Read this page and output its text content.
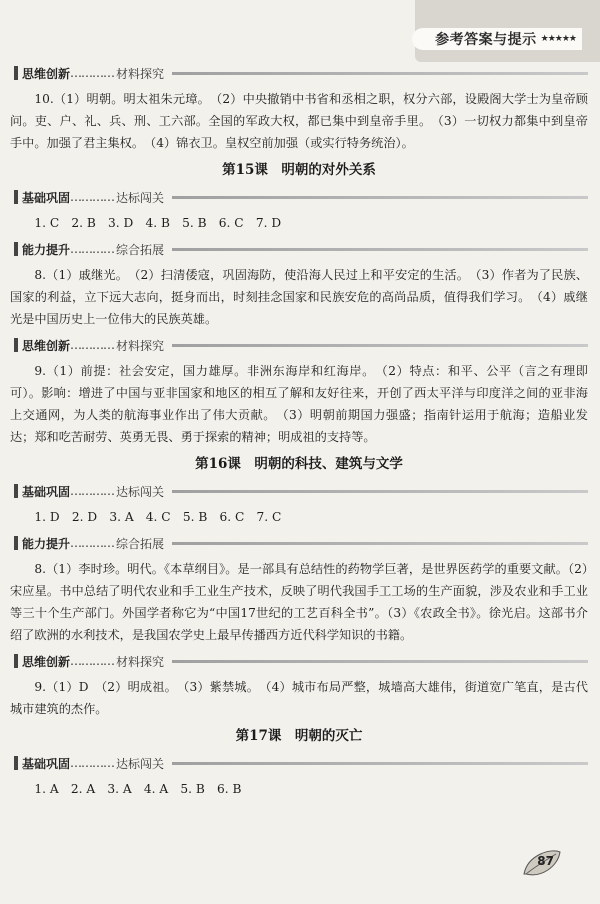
参考答案与提示 ★★★★★
思维创新 ………… 材料探究

10.（1）明朝。明太祖朱元璋。　（2）中央撤销中书省和丞相之职，权分六部，设殿阁大学士为皇帝顾问。吏、户、礼、兵、刑、工六部。全国的军政大权，都已集中到皇帝手里。　（3）一切权力都集中到皇帝手中。加强了君主集权。　（4）锦衣卫。皇权空前加强（或实行特务统治）。

第15课　明朝的对外关系
基础巩固 ………… 达标闯关

1. C　2. B　3. D　4. B　5. B　6. C　7. D

能力提升 ………… 综合拓展

8.（1）戚继光。　（2）扫清倭寇，巩固海防，使沿海人民过上和平安定的生活。　（3）作者为了民族、国家的利益，立下远大志向，挺身而出，时刻挂念国家和民族安危的高尚品质，值得我们学习。　（4）戚继光是中国历史上一位伟大的民族英雄。

思维创新 ………… 材料探究

9.（1）前提：社会安定，国力雄厚。非洲东海岸和红海岸。　（2）特点：和平、公平（言之有理即可）。影响：增进了中国与亚非国家和地区的相互了解和友好往来，开创了西太平洋与印度洋之间的亚非海上交通网，为人类的航海事业作出了伟大贡献。　（3）明朝前期国力强盛；指南针运用于航海；造船业发达；郑和吃苦耐劳、英勇无畏、勇于探索的精神；明成祖的支持等。

第16课　明朝的科技、建筑与文学
基础巩固 ………… 达标闯关

1. D　2. D　3. A　4. C　5. B　6. C　7. C

能力提升 ………… 综合拓展

8.（1）李时珍。明代。《本草纲目》。是一部具有总结性的药物学巨著，是世界医药学的重要文献。（2）宋应星。书中总结了明代农业和手工业生产技术，反映了明代我国手工工场的生产面貌，涉及农业和手工业等三十个生产部门。外国学者称它为“中国17世纪的工艺百科全书”。（3）《农政全书》。徐光启。这部书介绍了欧洲的水利技术，是我国农学史上最早传播西方近代科学知识的书籍。

思维创新 ………… 材料探究

9.（1）D　（2）明成祖。　（3）紫禁城。　（4）城市布局严整，城墙高大雄伟，街道宽广笔直，是古代城市建筑的杰作。

第17课　明朝的灭亡
基础巩固 ………… 达标闯关

1. A　2. A　3. A　4. A　5. B　6. B

87
